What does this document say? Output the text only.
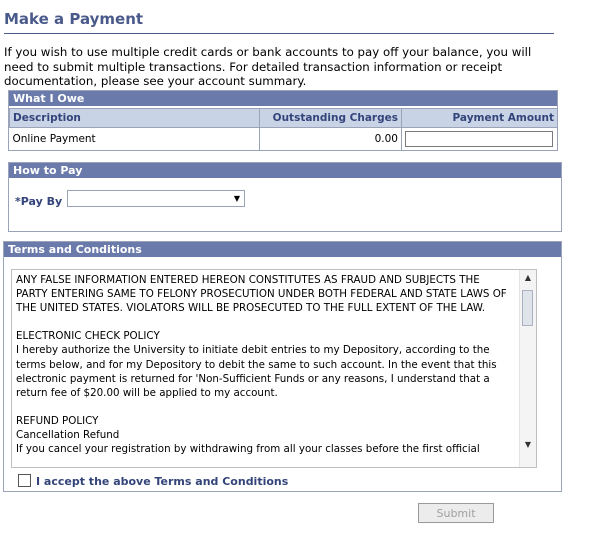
Make a Payment
If you wish to use multiple credit cards or bank accounts to pay off your balance, you will need to submit multiple transactions. For detailed transaction information or receipt documentation, please see your account summary.
What I Owe
Description	Outstanding Charges	Payment Amount
Online Payment	0.00	
How to Pay
*Pay By	▼
Terms and Conditions

ANY FALSE INFORMATION ENTERED HEREON CONSTITUTES AS FRAUD AND SUBJECTS THE PARTY ENTERING SAME TO FELONY PROSECUTION UNDER BOTH FEDERAL AND STATE LAWS OF THE UNITED STATES. VIOLATORS WILL BE PROSECUTED TO THE FULL EXTENT OF THE LAW.

ELECTRONIC CHECK POLICY

I hereby authorize the University to initiate debit entries to my Depository, according to the terms below, and for my Depository to debit the same to such account. In the event that this electronic payment is returned for 'Non-Sufficient Funds or any reasons, I understand that a return fee of $20.00 will be applied to my account.

REFUND POLICY

Cancellation Refund

If you cancel your registration by withdrawing from all your classes before the first official

▲
▼
I accept the above Terms and Conditions
Submit
